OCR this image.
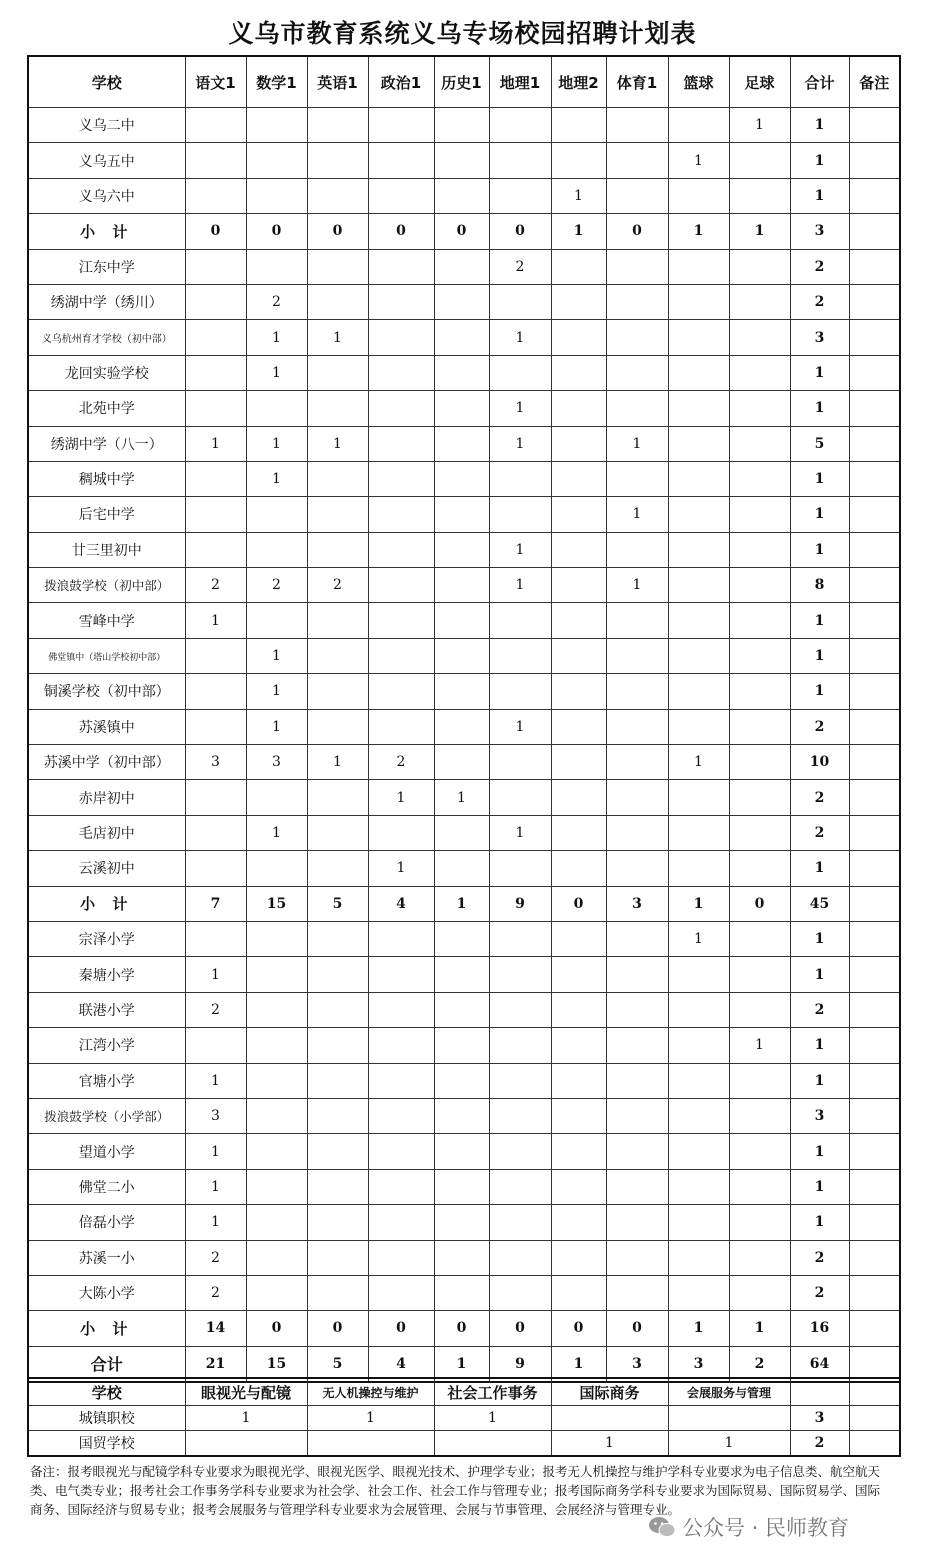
义乌市教育系统义乌专场校园招聘计划表
学校	语文1	数学1	英语1	政治1	历史1	地理1	地理2	体育1	篮球	足球	合计	备注
义乌二中										1	1	
义乌五中									1		1	
义乌六中							1				1	
小 计	0	0	0	0	0	0	1	0	1	1	3	
江东中学						2					2	
绣湖中学（绣川）		2									2	
义乌杭州育才学校（初中部）		1	1			1					3	
龙回实验学校		1									1	
北苑中学						1					1	
绣湖中学（八一）	1	1	1			1		1			5	
稠城中学		1									1	
后宅中学								1			1	
廿三里初中						1					1	
拨浪鼓学校（初中部）	2	2	2			1		1			8	
雪峰中学	1										1	
佛堂镇中（塔山学校初中部）		1									1	
铜溪学校（初中部）		1									1	
苏溪镇中		1				1					2	
苏溪中学（初中部）	3	3	1	2					1		10	
赤岸初中				1	1						2	
毛店初中		1				1					2	
云溪初中				1							1	
小 计	7	15	5	4	1	9	0	3	1	0	45	
宗泽小学									1		1	
秦塘小学	1										1	
联港小学	2										2	
江湾小学										1	1	
官塘小学	1										1	
拨浪鼓学校（小学部）	3										3	
望道小学	1										1	
佛堂二小	1										1	
倍磊小学	1										1	
苏溪一小	2										2	
大陈小学	2										2	
小 计	14	0	0	0	0	0	0	0	1	1	16	
合计	21	15	5	4	1	9	1	3	3	2	64	
学校	眼视光与配镜	无人机操控与维护	社会工作事务	国际商务	会展服务与管理		
城镇职校	1	1	1			3	
国贸学校				1	1	2	
备注：报考眼视光与配镜学科专业要求为眼视光学、眼视光医学、眼视光技术、护理学专业；报考无人机操控与维护学科专业要求为电子信息类、航空航天类、电气类专业；报考社会工作事务学科专业要求为社会学、社会工作、社会工作与管理专业；报考国际商务学科专业要求为国际贸易、国际贸易学、国际商务、国际经济与贸易专业；报考会展服务与管理学科专业要求为会展管理、会展与节事管理、会展经济与管理专业。
公众号 · 民师教育
